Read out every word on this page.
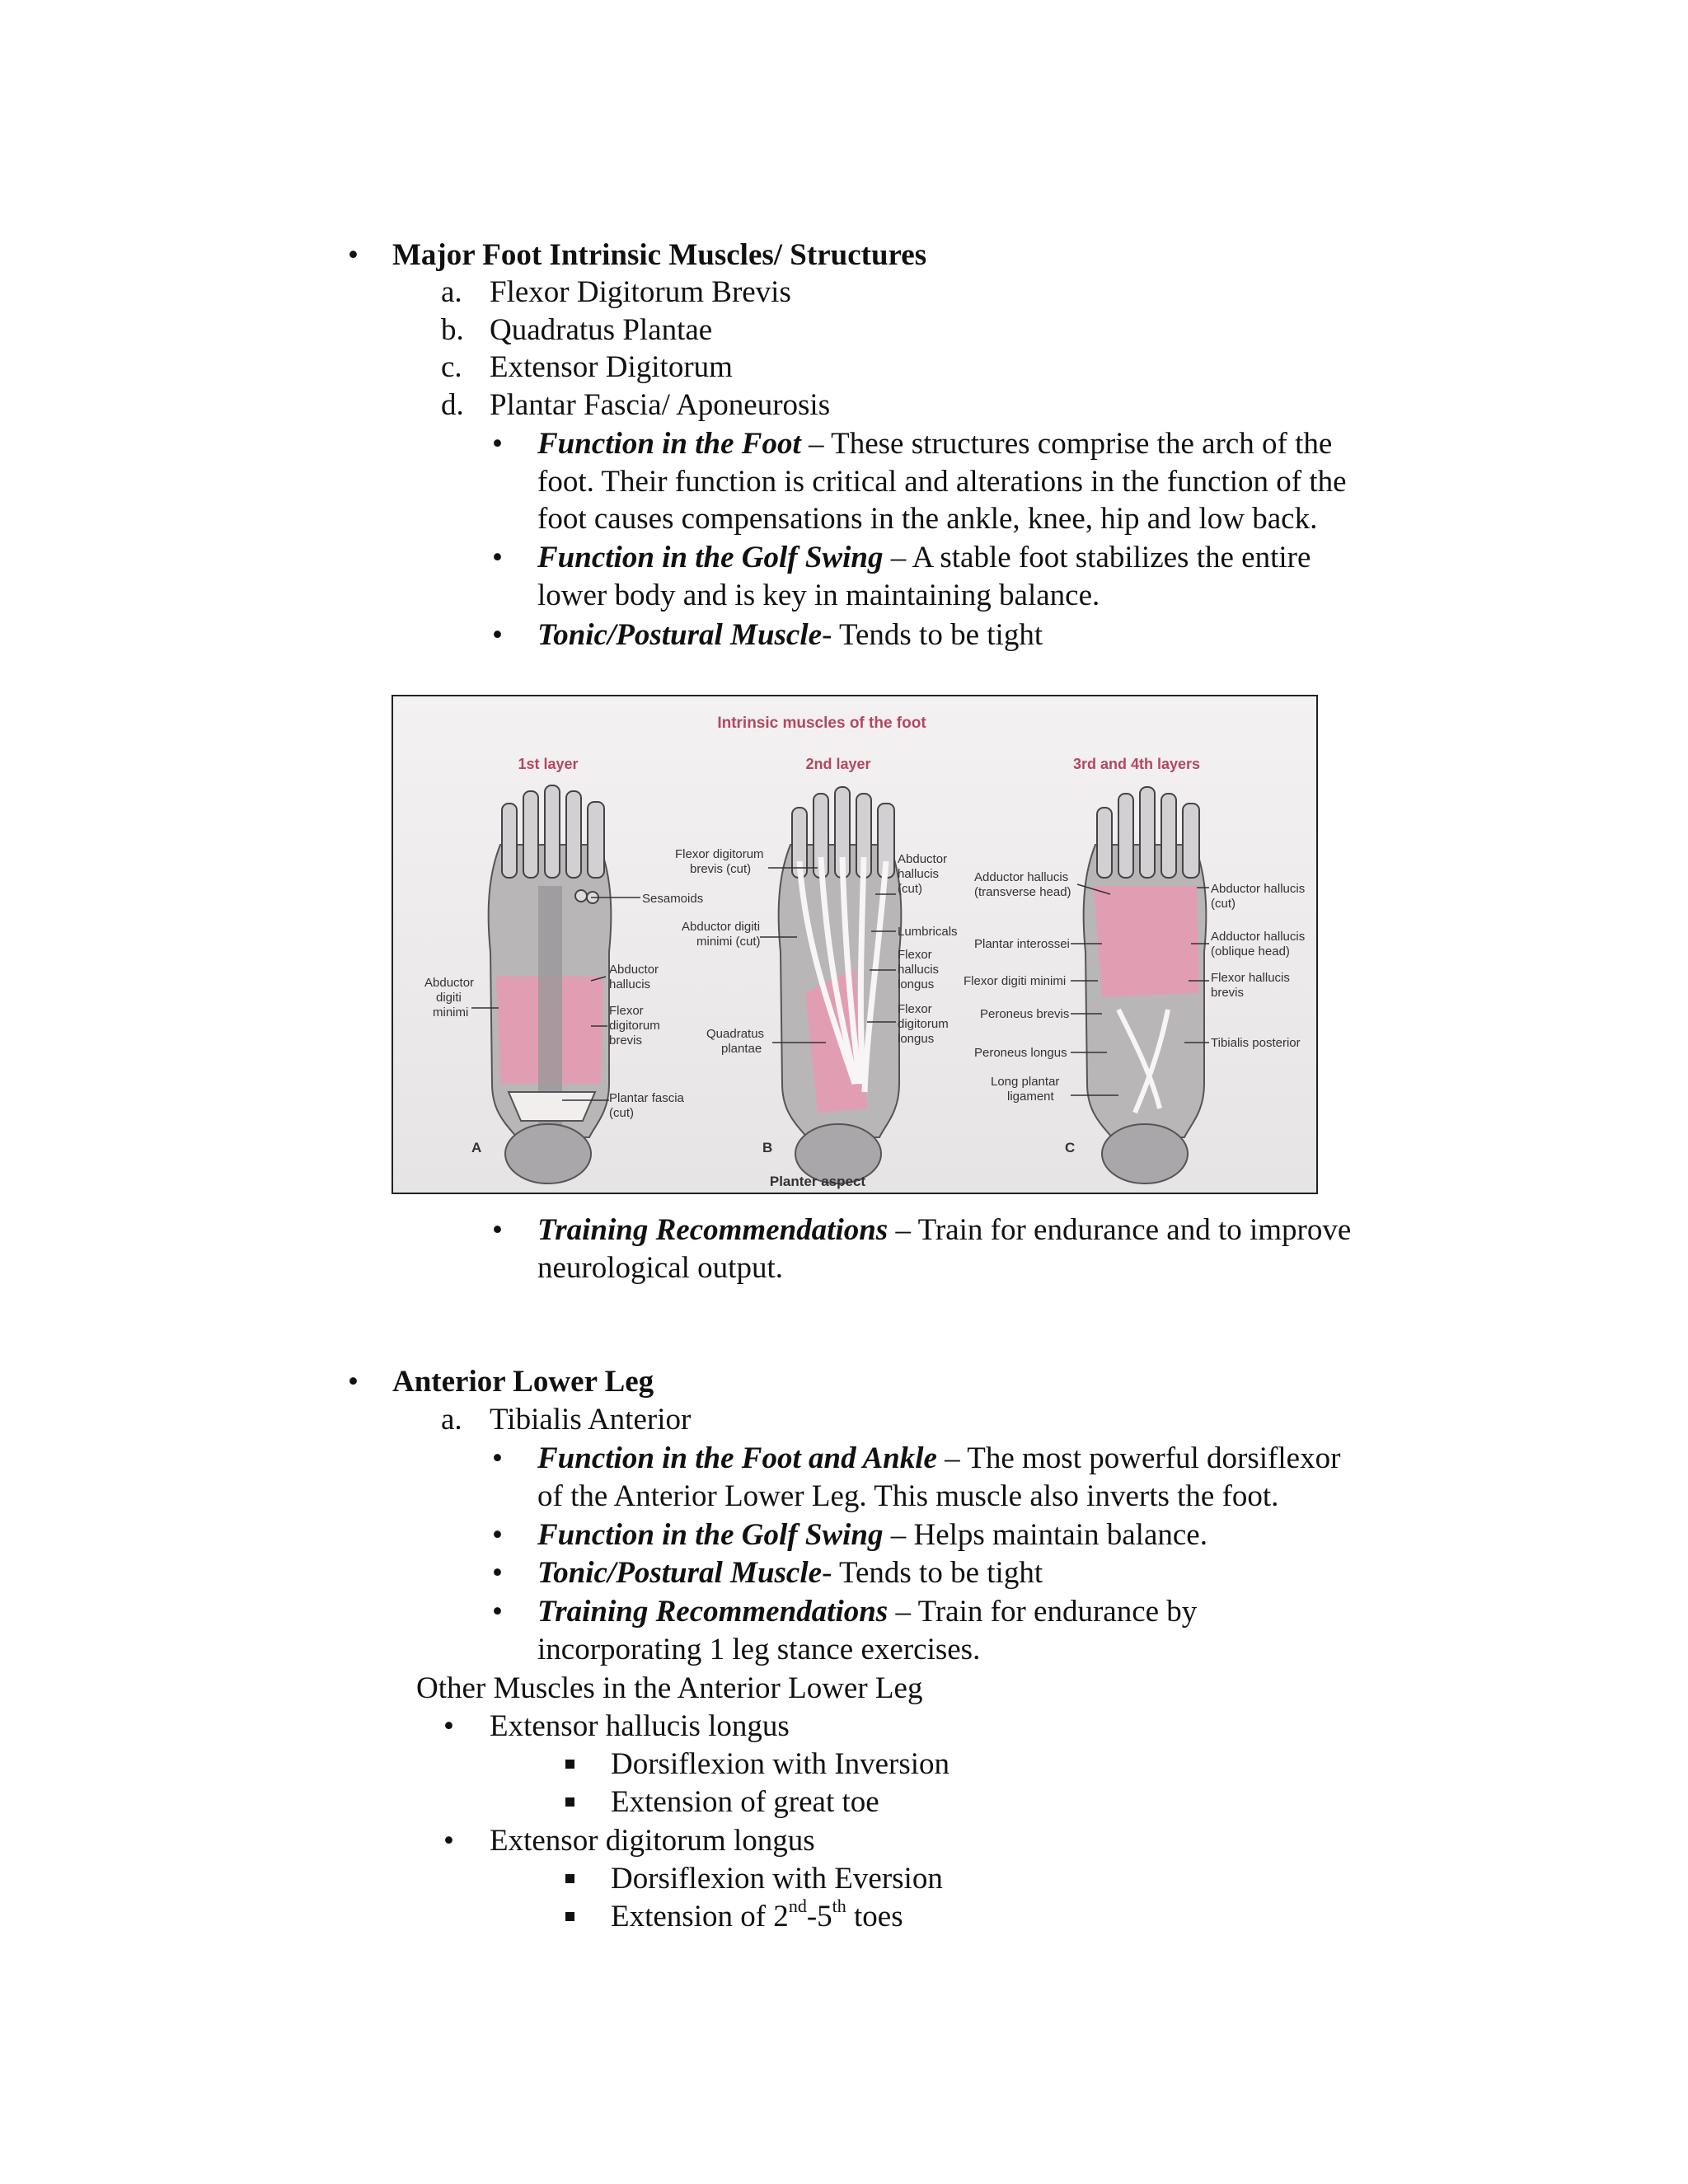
• Major Foot Intrinsic Muscles/ Structures
a. Flexor Digitorum Brevis
b. Quadratus Plantae
c. Extensor Digitorum
d. Plantar Fascia/ Aponeurosis
• Function in the Foot – These structures comprise the arch of the
foot. Their function is critical and alterations in the function of the
foot causes compensations in the ankle, knee, hip and low back.
• Function in the Golf Swing – A stable foot stabilizes the entire
lower body and is key in maintaining balance.
• Tonic/Postural Muscle- Tends to be tight
Intrinsic muscles of the foot
1st layer
Sesamoids
Abductor
hallucis
Abductor
digiti
minimi	Flexor
digitorum
brevis
Plantar fascia
(cut)
A
2nd layer
Flexor digitorum
brevis (cut)
Abductor digiti
minimi (cut)
Quadratus
plantae
Abductor
hallucis
(cut)
Lumbricals
Flexor
hallucis
longus
Flexor
digitorum
longus
B
3rd and 4th layers
Adductor hallucis
(transverse head)
Plantar interossei
Flexor digiti minimi
Peroneus brevis
Peroneus longus
Long plantar
ligament
Abductor hallucis
(cut)
Adductor hallucis
(oblique head)
Flexor hallucis
brevis
Tibialis posterior
C
Planter aspect
• Training Recommendations – Train for endurance and to improve
neurological output.
• Anterior Lower Leg
a. Tibialis Anterior
• Function in the Foot and Ankle – The most powerful dorsiflexor
of the Anterior Lower Leg. This muscle also inverts the foot.
• Function in the Golf Swing – Helps maintain balance.
• Tonic/Postural Muscle- Tends to be tight
• Training Recommendations – Train for endurance by
incorporating 1 leg stance exercises.
Other Muscles in the Anterior Lower Leg
• Extensor hallucis longus
Dorsiflexion with Inversion
Extension of great toe
• Extensor digitorum longus
Dorsiflexion with Eversion
Extension of 2nd-5th toes
